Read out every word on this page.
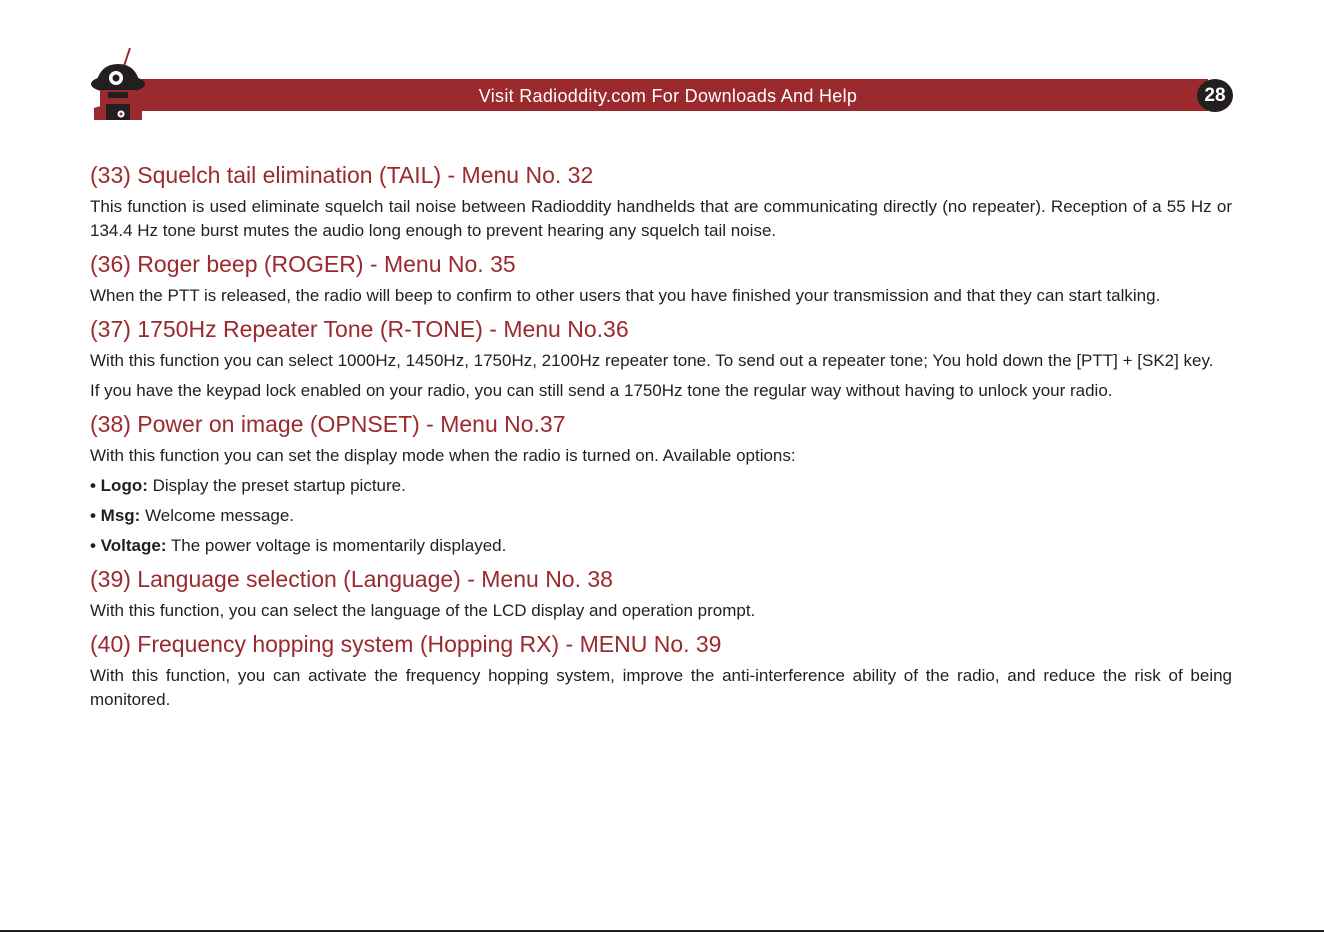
Visit Radioddity.com For Downloads And Help	28
(33) Squelch tail elimination (TAIL) - Menu No. 32

This function is used eliminate squelch tail noise between Radioddity handhelds that are communicating directly (no repeater). Reception of a 55 Hz or 134.4 Hz tone burst mutes the audio long enough to prevent hearing any squelch tail noise.

(36) Roger beep (ROGER) - Menu No. 35

When the PTT is released, the radio will beep to confirm to other users that you have finished your transmission and that they can start talking.

(37) 1750Hz Repeater Tone (R-TONE) - Menu No.36

With this function you can select 1000Hz, 1450Hz, 1750Hz, 2100Hz repeater tone. To send out a repeater tone; You hold down the [PTT] + [SK2] key.

If you have the keypad lock enabled on your radio, you can still send a 1750Hz tone the regular way without having to unlock your radio.

(38) Power on image (OPNSET) - Menu No.37

With this function you can set the display mode when the radio is turned on. Available options:

• Logo: Display the preset startup picture.

• Msg: Welcome message.

• Voltage: The power voltage is momentarily displayed.

(39) Language selection (Language) - Menu No. 38

With this function, you can select the language of the LCD display and operation prompt.

(40) Frequency hopping system (Hopping RX) - MENU No. 39

With this function, you can activate the frequency hopping system, improve the anti-interference ability of the radio, and reduce the risk of being monitored.
